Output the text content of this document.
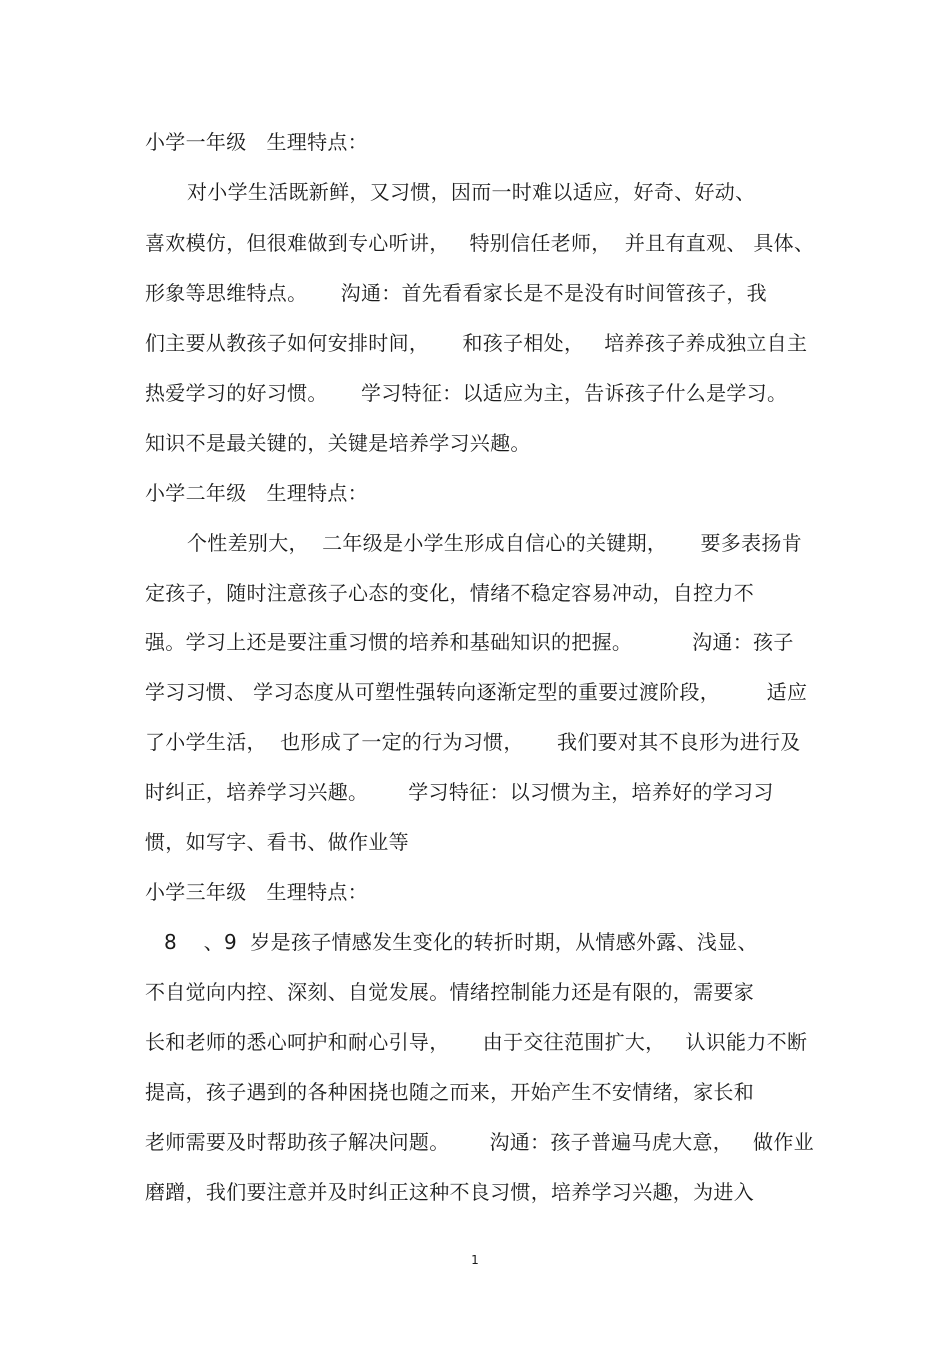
小学一年级   生理特点：
对小学生活既新鲜，又习惯，因而一时难以适应，好奇、好动、
喜欢模仿，但很难做到专心听讲，   特别信任老师，  并且有直观、 具体、
形象等思维特点。     沟通：首先看看家长是不是没有时间管孩子，我
们主要从教孩子如何安排时间，     和孩子相处，   培养孩子养成独立自主
热爱学习的好习惯。     学习特征：以适应为主，告诉孩子什么是学习。
知识不是最关键的，关键是培养学习兴趣。
小学二年级   生理特点：
个性差别大，  二年级是小学生形成自信心的关键期，     要多表扬肯
定孩子，随时注意孩子心态的变化，情绪不稳定容易冲动，自控力不
强。学习上还是要注重习惯的培养和基础知识的把握。         沟通：孩子
学习习惯、 学习态度从可塑性强转向逐渐定型的重要过渡阶段，       适应
了小学生活，  也形成了一定的行为习惯，     我们要对其不良形为进行及
时纠正，培养学习兴趣。      学习特征：以习惯为主，培养好的学习习
惯，如写字、看书、做作业等
小学三年级   生理特点：
8    、9  岁是孩子情感发生变化的转折时期，从情感外露、浅显、
不自觉向内控、深刻、自觉发展。情绪控制能力还是有限的，需要家
长和老师的悉心呵护和耐心引导，     由于交往范围扩大，   认识能力不断
提高，孩子遇到的各种困挠也随之而来，开始产生不安情绪，家长和
老师需要及时帮助孩子解决问题。      沟通：孩子普遍马虎大意，   做作业
磨蹭，我们要注意并及时纠正这种不良习惯，培养学习兴趣，为进入
1
